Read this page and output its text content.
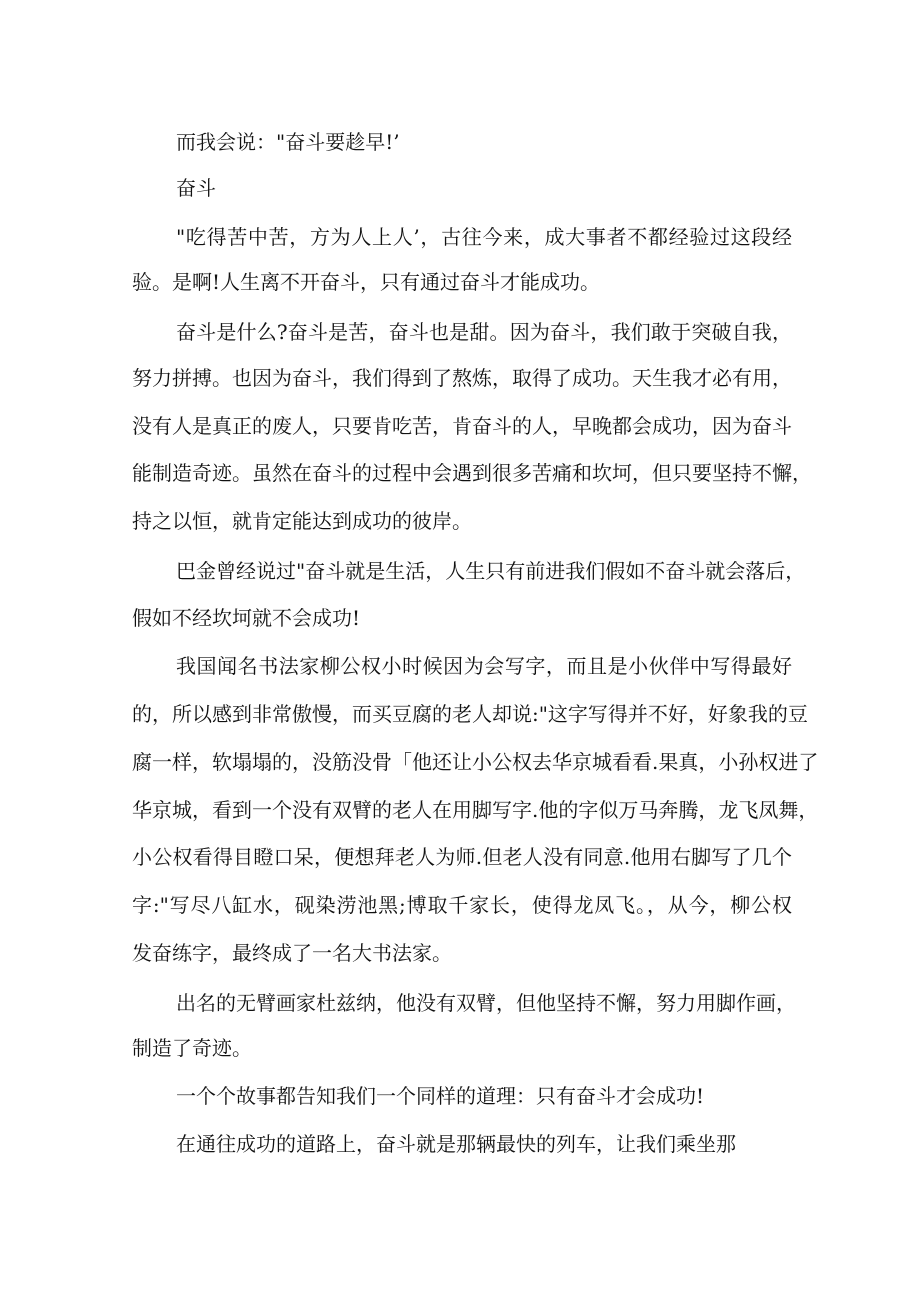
而我会说："奋斗要趁早!’
奋斗
"吃得苦中苦，方为人上人’，古往今来，成大事者不都经验过这段经
验。是啊!人生离不开奋斗，只有通过奋斗才能成功。
奋斗是什么?奋斗是苦，奋斗也是甜。因为奋斗，我们敢于突破自我，
努力拼搏。也因为奋斗，我们得到了熬炼，取得了成功。天生我才必有用，
没有人是真正的废人，只要肯吃苦，肯奋斗的人，早晚都会成功，因为奋斗
能制造奇迹。虽然在奋斗的过程中会遇到很多苦痛和坎坷，但只要坚持不懈，
持之以恒，就肯定能达到成功的彼岸。
巴金曾经说过"奋斗就是生活，人生只有前进我们假如不奋斗就会落后，
假如不经坎坷就不会成功!
我国闻名书法家柳公权小时候因为会写字，而且是小伙伴中写得最好
的，所以感到非常傲慢，而买豆腐的老人却说:"这字写得并不好，好象我的豆
腐一样，软塌塌的，没筋没骨「他还让小公权去华京城看看.果真，小孙权进了
华京城，看到一个没有双臂的老人在用脚写字.他的字似万马奔腾，龙飞凤舞，
小公权看得目瞪口呆，便想拜老人为师.但老人没有同意.他用右脚写了几个
字:"写尽八缸水，砚染涝池黑;博取千家长，使得龙凤飞。，从今，柳公权
发奋练字，最终成了一名大书法家。
出名的无臂画家杜兹纳，他没有双臂，但他坚持不懈，努力用脚作画，
制造了奇迹。
一个个故事都告知我们一个同样的道理：只有奋斗才会成功!
在通往成功的道路上，奋斗就是那辆最快的列车，让我们乘坐那
